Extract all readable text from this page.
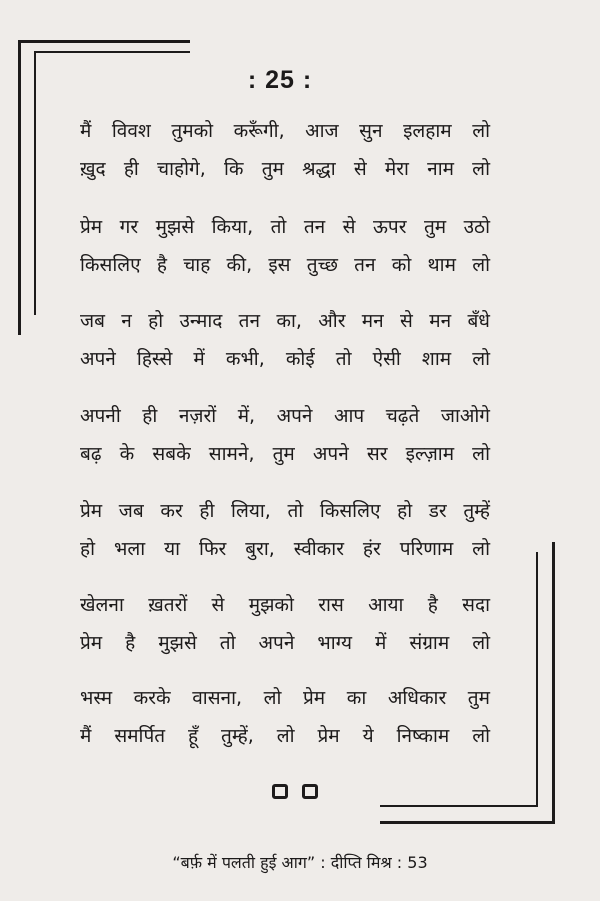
: 25 :
मैं विवश तुमको करूँगी, आज सुन इलहाम लो
ख़ुद ही चाहोगे, कि तुम श्रद्धा से मेरा नाम लो
प्रेम गर मुझसे किया, तो तन से ऊपर तुम उठो
किसलिए है चाह की, इस तुच्छ तन को थाम लो
जब न हो उन्माद तन का, और मन से मन बँधे
अपने हिस्से में कभी, कोई तो ऐसी शाम लो
अपनी ही नज़रों में, अपने आप चढ़ते जाओगे
बढ़ के सबके सामने, तुम अपने सर इल्ज़ाम लो
प्रेम जब कर ही लिया, तो किसलिए हो डर तुम्हें
हो भला या फिर बुरा, स्वीकार हंर परिणाम लो
खेलना ख़तरों से मुझको रास आया है सदा
प्रेम है मुझसे तो अपने भाग्य में संग्राम लो
भस्म करके वासना, लो प्रेम का अधिकार तुम
मैं समर्पित हूँ तुम्हें, लो प्रेम ये निष्काम लो
“बर्फ़ में पलती हुई आग” : दीप्ति मिश्र : 53
